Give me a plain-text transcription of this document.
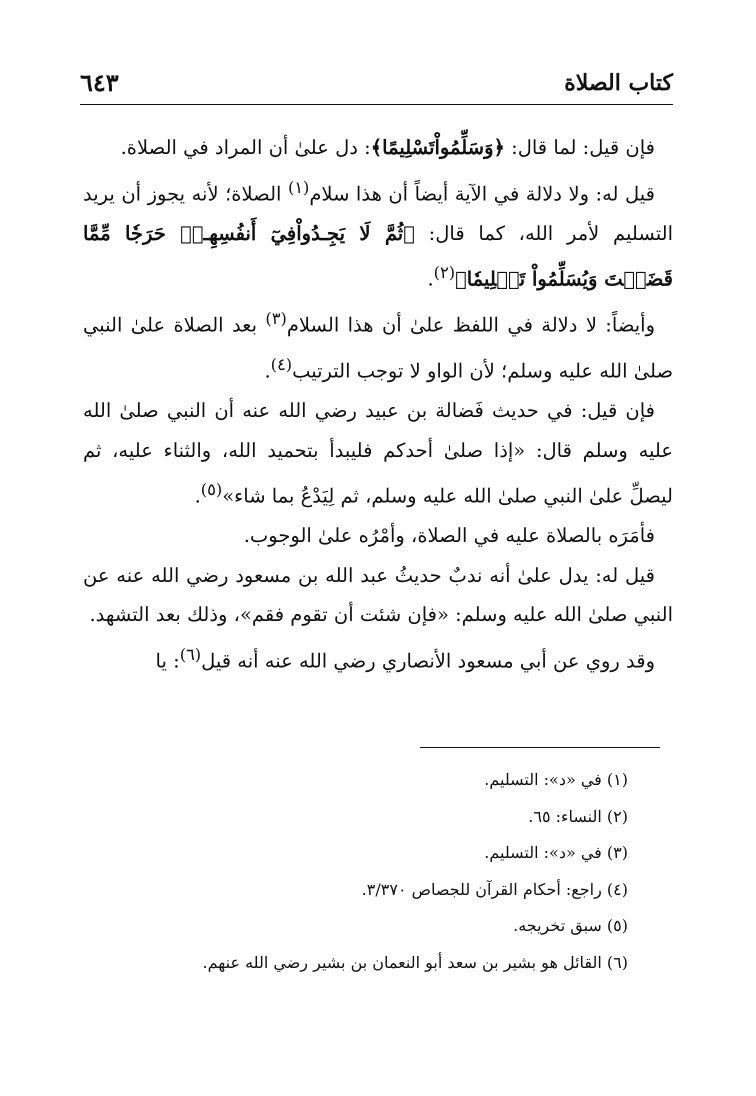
كتاب الصلاة
٦٤٣

فإن قيل: لما قال: ﴿وَسَلِّمُواْتَسْلِيمًا﴾: دل علىٰ أن المراد في الصلاة.

قيل له: ولا دلالة في الآية أيضاً أن هذا سلام$^{(١)}$ الصلاة؛ لأنه يجوز أن يريد التسليم لأمر الله، كما قال: ﴿ثُمَّ لَا يَجِـدُواْفِيٓ أَنفُسِهِـمۡ حَرَجٗا مِّمَّا قَضَيۡتَ وَيُسَلِّمُواْ تَسۡلِيمٗا﴾$^{(٢)}$.

وأيضاً: لا دلالة في اللفظ علىٰ أن هذا السلام$^{(٣)}$ بعد الصلاة علىٰ النبي صلىٰ الله عليه وسلم؛ لأن الواو لا توجب الترتيب$^{(٤)}$.

فإن قيل: في حديث فَضالة بن عبيد رضي الله عنه أن النبي صلىٰ الله عليه وسلم قال: «إذا صلىٰ أحدكم فليبدأ بتحميد الله، والثناء عليه، ثم ليصلِّ علىٰ النبي صلىٰ الله عليه وسلم، ثم لِيَدْعُ بما شاء»$^{(٥)}$.

فأمَرَه بالصلاة عليه في الصلاة، وأمْرُه علىٰ الوجوب.

قيل له: يدل علىٰ أنه ندبٌ حديثُ عبد الله بن مسعود رضي الله عنه عن النبي صلىٰ الله عليه وسلم: «فإن شئت أن تقوم فقم»، وذلك بعد التشهد.

وقد روي عن أبي مسعود الأنصاري رضي الله عنه أنه قيل$^{(٦)}$: يا

(١) في «د»: التسليم.
(٢) النساء: ٦٥.
(٣) في «د»: التسليم.
(٤) راجع: أحكام القرآن للجصاص ٣/٣٧٠.
(٥) سبق تخريجه.
(٦) القائل هو بشير بن سعد أبو النعمان بن بشير رضي الله عنهم.
